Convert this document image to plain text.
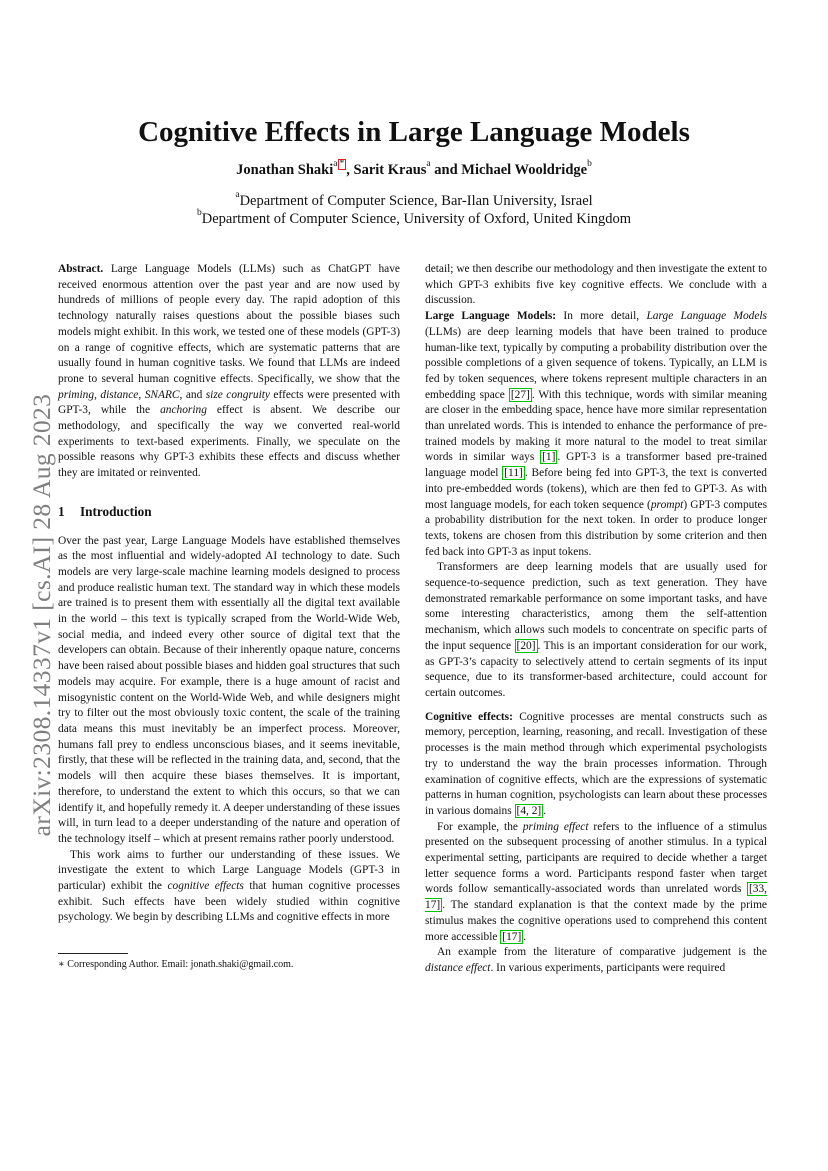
arXiv:2308.14337v1 [cs.AI] 28 Aug 2023
Cognitive Effects in Large Language Models
Jonathan Shaki$^a$ * , Sarit Kraus$^a$ and Michael Wooldridge$^b$
$^a$Department of Computer Science, Bar-Ilan University, Israel
$^b$Department of Computer Science, University of Oxford, United Kingdom

Abstract. Large Language Models (LLMs) such as ChatGPT have received enormous attention over the past year and are now used by hundreds of millions of people every day. The rapid adoption of this technology naturally raises questions about the possible biases such models might exhibit. In this work, we tested one of these models (GPT-3) on a range of cognitive effects, which are systematic patterns that are usually found in human cognitive tasks. We found that LLMs are indeed prone to several human cognitive effects. Specifically, we show that the priming, distance, SNARC, and size congruity effects were presented with GPT-3, while the anchoring effect is absent. We describe our methodology, and specifically the way we converted real-world experiments to text-based experiments. Finally, we speculate on the possible reasons why GPT-3 exhibits these effects and discuss whether they are imitated or reinvented.

1 Introduction

Over the past year, Large Language Models have established themselves as the most influential and widely-adopted AI technology to date. Such models are very large-scale machine learning models designed to process and produce realistic human text. The standard way in which these models are trained is to present them with essentially all the digital text available in the world – this text is typically scraped from the World-Wide Web, social media, and indeed every other source of digital text that the developers can obtain. Because of their inherently opaque nature, concerns have been raised about possible biases and hidden goal structures that such models may acquire. For example, there is a huge amount of racist and misogynistic content on the World-Wide Web, and while designers might try to filter out the most obviously toxic content, the scale of the training data means this must inevitably be an imperfect process. Moreover, humans fall prey to endless unconscious biases, and it seems inevitable, firstly, that these will be reflected in the training data, and, second, that the models will then acquire these biases themselves. It is important, therefore, to understand the extent to which this occurs, so that we can identify it, and hopefully remedy it. A deeper understanding of these issues will, in turn lead to a deeper understanding of the nature and operation of the technology itself – which at present remains rather poorly understood.

This work aims to further our understanding of these issues. We investigate the extent to which Large Language Models (GPT-3 in particular) exhibit the cognitive effects that human cognitive processes exhibit. Such effects have been widely studied within cognitive psychology. We begin by describing LLMs and cognitive effects in more

∗ Corresponding Author. Email: jonath.shaki@gmail.com.

detail; we then describe our methodology and then investigate the extent to which GPT-3 exhibits five key cognitive effects. We conclude with a discussion.

Large Language Models: In more detail, Large Language Models (LLMs) are deep learning models that have been trained to produce human-like text, typically by computing a probability distribution over the possible completions of a given sequence of tokens. Typically, an LLM is fed by token sequences, where tokens represent multiple characters in an embedding space [27] . With this technique, words with similar meaning are closer in the embedding space, hence have more similar representation than unrelated words. This is intended to enhance the performance of pre-trained models by making it more natural to the model to treat similar words in similar ways [1] . GPT-3 is a transformer based pre-trained language model [11] . Before being fed into GPT-3, the text is converted into pre-embedded words (tokens), which are then fed to GPT-3. As with most language models, for each token sequence (prompt) GPT-3 computes a probability distribution for the next token. In order to produce longer texts, tokens are chosen from this distribution by some criterion and then fed back into GPT-3 as input tokens.

Transformers are deep learning models that are usually used for sequence-to-sequence prediction, such as text generation. They have demonstrated remarkable performance on some important tasks, and have some interesting characteristics, among them the self-attention mechanism, which allows such models to concentrate on specific parts of the input sequence [20] . This is an important consideration for our work, as GPT-3’s capacity to selectively attend to certain segments of its input sequence, due to its transformer-based architecture, could account for certain outcomes.

Cognitive effects: Cognitive processes are mental constructs such as memory, perception, learning, reasoning, and recall. Investigation of these processes is the main method through which experimental psychologists try to understand the way the brain processes information. Through examination of cognitive effects, which are the expressions of systematic patterns in human cognition, psychologists can learn about these processes in various domains [4, 2] .

For example, the priming effect refers to the influence of a stimulus presented on the subsequent processing of another stimulus. In a typical experimental setting, participants are required to decide whether a target letter sequence forms a word. Participants respond faster when target words follow semantically-associated words than unrelated words [33, 17] . The standard explanation is that the context made by the prime stimulus makes the cognitive operations used to comprehend this content more accessible [17] .

An example from the literature of comparative judgement is the distance effect. In various experiments, participants were required
